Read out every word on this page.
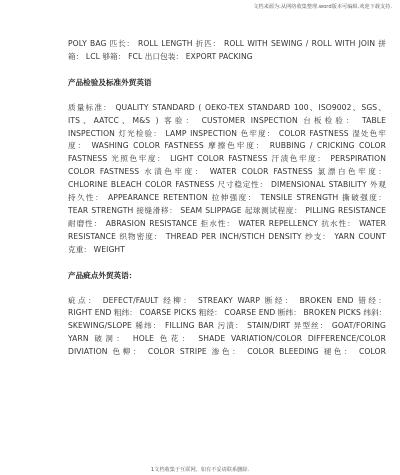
文档来源为:从网络收集整理.word版本可编辑.欢迎下载支持.
POLY BAG 匹长： ROLL LENGTH 折匹： ROLL WITH SEWING / ROLL WITH JOIN 拼
箱： LCL 够箱： FCL 出口包装： EXPORT PACKING
产品检验及标准外贸英语
质量标准： QUALITY STANDARD ( OEKO-TEX STANDARD 100、ISO9002、SGS、
ITS、AATCC、M&S ) 客验： CUSTOMER INSPECTION 台板检验： TABLE
INSPECTION 灯光检验： LAMP INSPECTION 色牢度： COLOR FASTNESS 湿处色牢
度： WASHING COLOR FASTNESS 摩擦色牢度： RUBBING / CRICKING COLOR
FASTNESS 光照色牢度： LIGHT COLOR FASTNESS 汗渍色牢度： PERSPIRATION
COLOR FASTNESS 水渍色牢度： WATER COLOR FASTNESS 氯漂白色牢度：
CHLORINE BLEACH COLOR FASTNESS 尺寸稳定性： DIMENSIONAL STABILITY 外观
持久性： APPEARANCE RETENTION 拉伸强度： TENSILE STRENGTH 撕破强度：
TEAR STRENGTH 接缝滑移： SEAM SLIPPAGE 起球测试程度： PILLING RESISTANCE
耐磨性： ABRASION RESISTANCE 拒水性： WATER REPELLENCY 抗水性： WATER
RESISTANCE 织物密度： THREAD PER INCH/STICH DENSITY 纱支： YARN COUNT
克重： WEIGHT
产品疵点外贸英语：
疵点： DEFECT/FAULT 经柳： STREAKY WARP 断经： BROKEN END 错经：
RIGHT END 粗纬： COARSE PICKS 粗经： COARSE END 断纬： BROKEN PICKS 纬斜：
SKEWING/SLOPE 稀纬： FILLING BAR 污渍： STAIN/DIRT 异型丝： GOAT/FORING
YARN 破洞： HOLE 色花： SHADE VARIATION/COLOR DIFFERENCE/COLOR
DIVIATION 色柳： COLOR STRIPE 渗色： COLOR BLEEDING 褪色： COLOR
1文档收集于互联网，如有不妥请联系删除.
